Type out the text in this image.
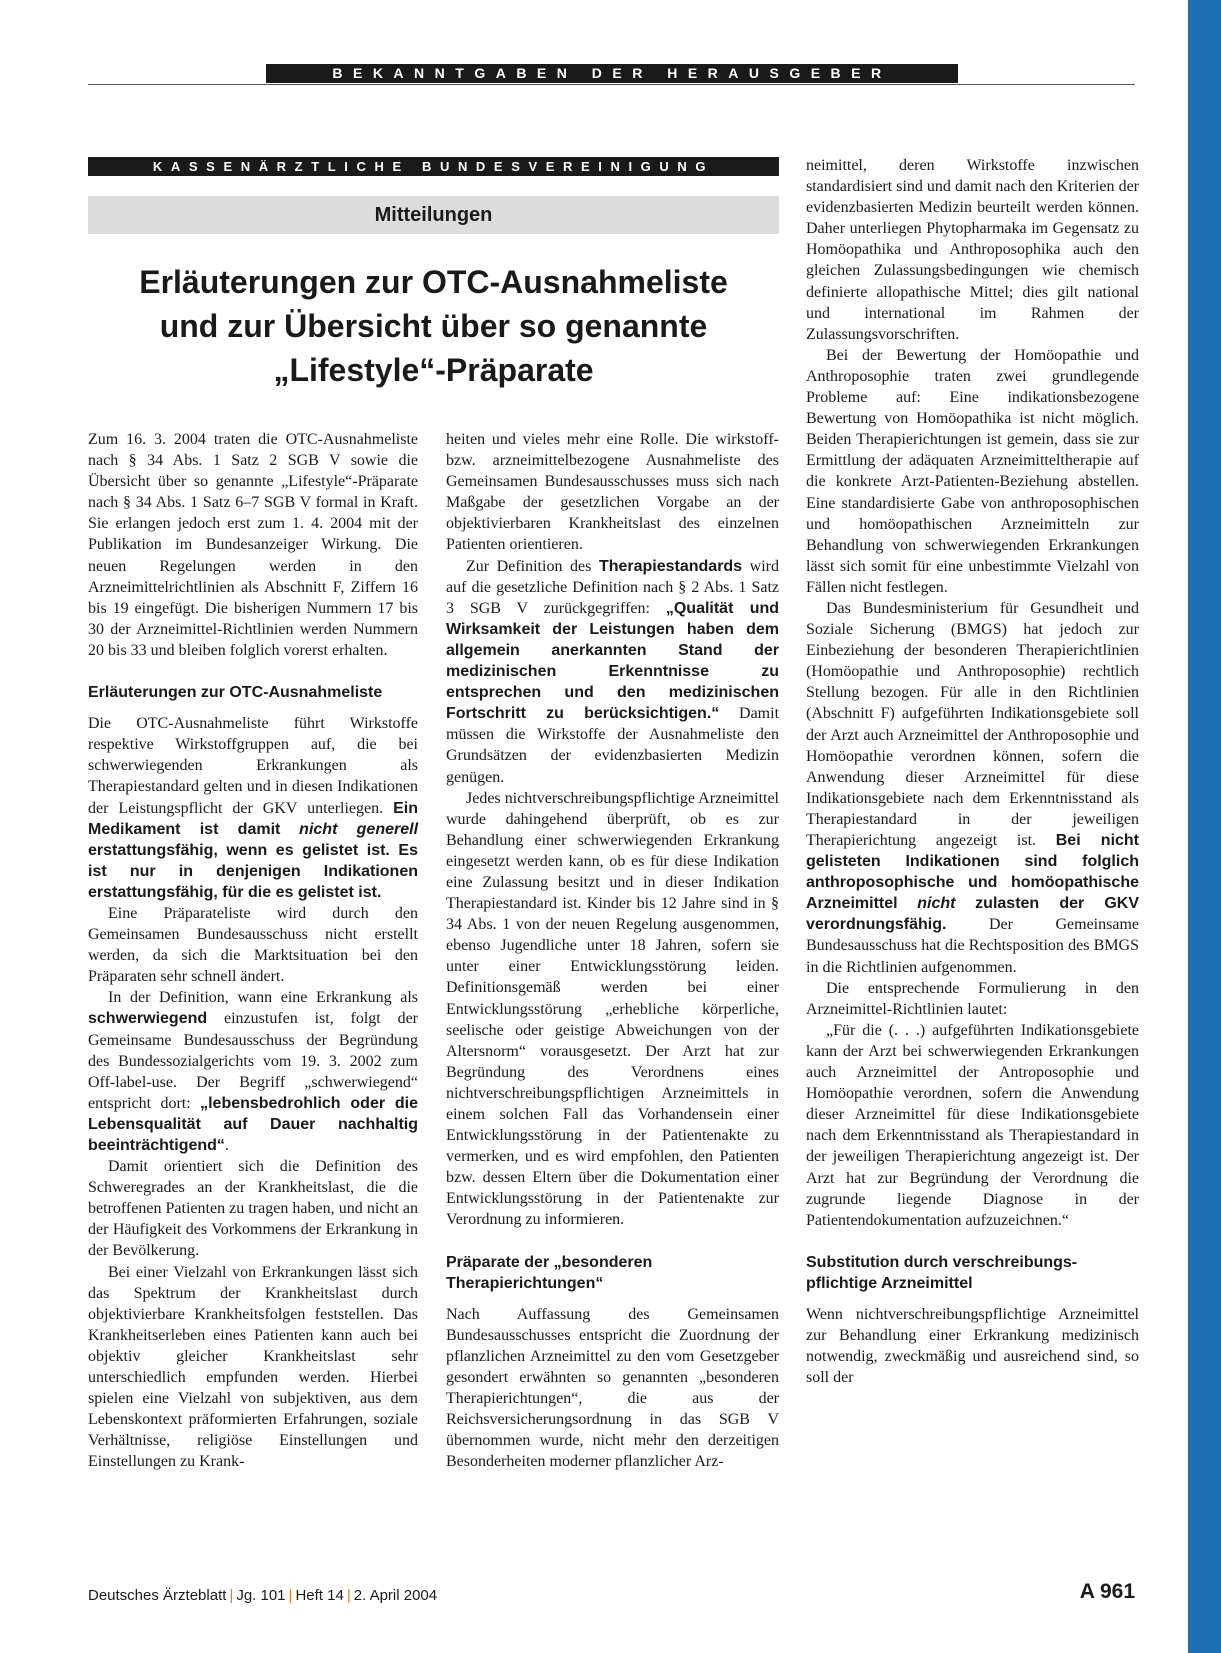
BEKANNTGABEN DER HERAUSGEBER
KASSENÄRZTLICHE BUNDESVEREINIGUNG
Mitteilungen
Erläuterungen zur OTC-Ausnahmeliste
und zur Übersicht über so genannte
„Lifestyle“-Präparate

Zum 16. 3. 2004 traten die OTC-Ausnahmeliste nach § 34 Abs. 1 Satz 2 SGB V sowie die Übersicht über so genannte „Lifestyle“-Präparate nach § 34 Abs. 1 Satz 6–7 SGB V formal in Kraft. Sie erlangen jedoch erst zum 1. 4. 2004 mit der Publikation im Bundesanzeiger Wirkung. Die neuen Regelungen werden in den Arzneimittelrichtlinien als Abschnitt F, Ziffern 16 bis 19 eingefügt. Die bisherigen Nummern 17 bis 30 der Arzneimittel-Richtlinien werden Nummern 20 bis 33 und bleiben folglich vorerst erhalten.

Erläuterungen zur OTC-Ausnahmeliste

Die OTC-Ausnahmeliste führt Wirkstoffe respektive Wirkstoffgruppen auf, die bei schwerwiegenden Erkrankungen als Therapiestandard gelten und in diesen Indikationen der Leistungspflicht der GKV unterliegen. Ein Medikament ist damit nicht generell erstattungsfähig, wenn es gelistet ist. Es ist nur in denjenigen Indikationen erstattungsfähig, für die es gelistet ist.

Eine Präparateliste wird durch den Gemeinsamen Bundesausschuss nicht erstellt werden, da sich die Marktsituation bei den Präparaten sehr schnell ändert.

In der Definition, wann eine Erkrankung als schwerwiegend einzustufen ist, folgt der Gemeinsame Bundesausschuss der Begründung des Bundessozialgerichts vom 19. 3. 2002 zum Off-label-use. Der Begriff „schwerwiegend“ entspricht dort: „lebensbedrohlich oder die Lebensqualität auf Dauer nachhaltig beeinträchtigend“.

Damit orientiert sich die Definition des Schweregrades an der Krankheitslast, die die betroffenen Patienten zu tragen haben, und nicht an der Häufigkeit des Vorkommens der Erkrankung in der Bevölkerung.

Bei einer Vielzahl von Erkrankungen lässt sich das Spektrum der Krankheitslast durch objektivierbare Krankheitsfolgen feststellen. Das Krankheitserleben eines Patienten kann auch bei objektiv gleicher Krankheitslast sehr unterschiedlich empfunden werden. Hierbei spielen eine Vielzahl von subjektiven, aus dem Lebenskontext präformierten Erfahrungen, soziale Verhältnisse, religiöse Einstellungen und Einstellungen zu Krank-

heiten und vieles mehr eine Rolle. Die wirkstoff- bzw. arzneimittelbezogene Ausnahmeliste des Gemeinsamen Bundesausschusses muss sich nach Maßgabe der gesetzlichen Vorgabe an der objektivierbaren Krankheitslast des einzelnen Patienten orientieren.

Zur Definition des Therapiestandards wird auf die gesetzliche Definition nach § 2 Abs. 1 Satz 3 SGB V zurückgegriffen: „Qualität und Wirksamkeit der Leistungen haben dem allgemein anerkannten Stand der medizinischen Erkenntnisse zu entsprechen und den medizinischen Fortschritt zu berücksichtigen.“ Damit müssen die Wirkstoffe der Ausnahmeliste den Grundsätzen der evidenzbasierten Medizin genügen.

Jedes nichtverschreibungspflichtige Arzneimittel wurde dahingehend überprüft, ob es zur Behandlung einer schwerwiegenden Erkrankung eingesetzt werden kann, ob es für diese Indikation eine Zulassung besitzt und in dieser Indikation Therapiestandard ist. Kinder bis 12 Jahre sind in § 34 Abs. 1 von der neuen Regelung ausgenommen, ebenso Jugendliche unter 18 Jahren, sofern sie unter einer Entwicklungsstörung leiden. Definitionsgemäß werden bei einer Entwicklungsstörung „erhebliche körperliche, seelische oder geistige Abweichungen von der Altersnorm“ vorausgesetzt. Der Arzt hat zur Begründung des Verordnens eines nichtverschreibungspflichtigen Arzneimittels in einem solchen Fall das Vorhandensein einer Entwicklungsstörung in der Patientenakte zu vermerken, und es wird empfohlen, den Patienten bzw. dessen Eltern über die Dokumentation einer Entwicklungsstörung in der Patientenakte zur Verordnung zu informieren.

Präparate der „besonderen
Therapierichtungen“

Nach Auffassung des Gemeinsamen Bundesausschusses entspricht die Zuordnung der pflanzlichen Arzneimittel zu den vom Gesetzgeber gesondert erwähnten so genannten „besonderen Therapierichtungen“, die aus der Reichsversicherungsordnung in das SGB V übernommen wurde, nicht mehr den derzeitigen Besonderheiten moderner pflanzlicher Arz-

neimittel, deren Wirkstoffe inzwischen standardisiert sind und damit nach den Kriterien der evidenzbasierten Medizin beurteilt werden können. Daher unterliegen Phytopharmaka im Gegensatz zu Homöopathika und Anthroposophika auch den gleichen Zulassungsbedingungen wie chemisch definierte allopathische Mittel; dies gilt national und international im Rahmen der Zulassungsvorschriften.

Bei der Bewertung der Homöopathie und Anthroposophie traten zwei grundlegende Probleme auf: Eine indikationsbezogene Bewertung von Homöopathika ist nicht möglich. Beiden Therapierichtungen ist gemein, dass sie zur Ermittlung der adäquaten Arzneimitteltherapie auf die konkrete Arzt-Patienten-Beziehung abstellen. Eine standardisierte Gabe von anthroposophischen und homöopathischen Arzneimitteln zur Behandlung von schwerwiegenden Erkrankungen lässt sich somit für eine unbestimmte Vielzahl von Fällen nicht festlegen.

Das Bundesministerium für Gesundheit und Soziale Sicherung (BMGS) hat jedoch zur Einbeziehung der besonderen Therapierichtlinien (Homöopathie und Anthroposophie) rechtlich Stellung bezogen. Für alle in den Richtlinien (Abschnitt F) aufgeführten Indikationsgebiete soll der Arzt auch Arzneimittel der Anthroposophie und Homöopathie verordnen können, sofern die Anwendung dieser Arzneimittel für diese Indikationsgebiete nach dem Erkenntnisstand als Therapiestandard in der jeweiligen Therapierichtung angezeigt ist. Bei nicht gelisteten Indikationen sind folglich anthroposophische und homöopathische Arzneimittel nicht zulasten der GKV verordnungsfähig.	Der Gemeinsame Bundesausschuss hat die Rechtsposition des BMGS in die Richtlinien aufgenommen.

Die entsprechende Formulierung in den Arzneimittel-Richtlinien lautet:

„Für die (. . .) aufgeführten Indikationsgebiete kann der Arzt bei schwerwiegenden Erkrankungen auch Arzneimittel der Antroposophie und Homöopathie verordnen, sofern die Anwendung dieser Arzneimittel für diese Indikationsgebiete nach dem Erkenntnisstand als Therapiestandard in der jeweiligen Therapierichtung angezeigt ist. Der Arzt hat zur Begründung der Verordnung die zugrunde liegende Diagnose in der Patientendokumentation aufzuzeichnen.“

Substitution durch verschreibungs-
pflichtige Arzneimittel

Wenn nichtverschreibungspflichtige Arzneimittel zur Behandlung einer Erkrankung medizinisch notwendig, zweckmäßig und ausreichend sind, so soll der

Deutsches Ärzteblatt | Jg. 101 | Heft 14 | 2. April 2004	A 961
